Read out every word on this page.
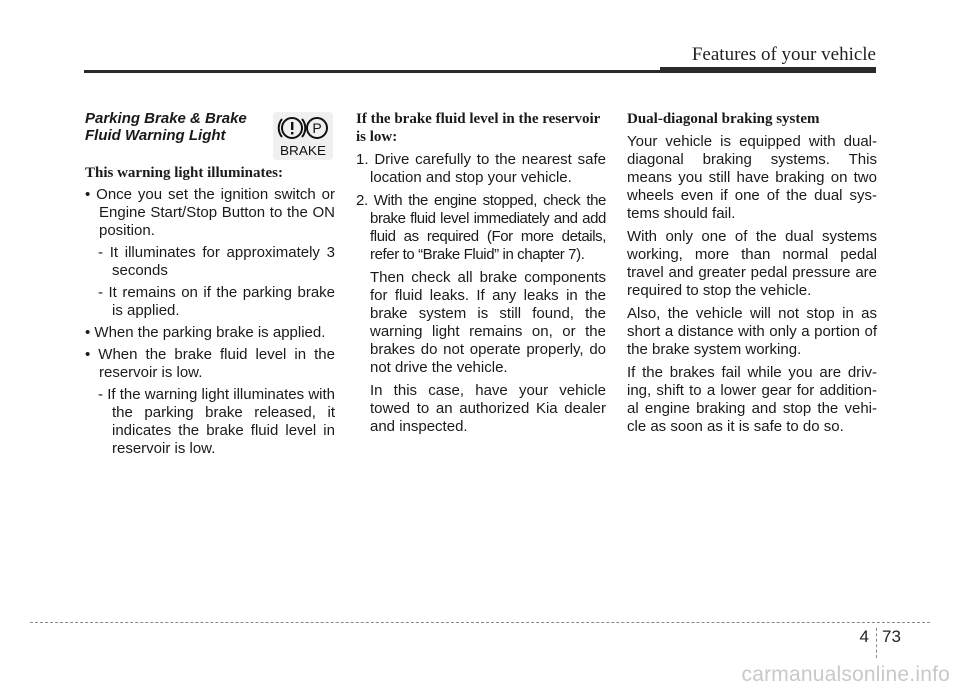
Features of your vehicle
Parking Brake & Brake Fluid Warning Light	P
BRAKE

This warning light illuminates:

• Once you set the ignition switch or Engine Start/Stop Button to the ON position.

- It illuminates for approximately 3 seconds

- It remains on if the parking brake is applied.

• When the parking brake is applied.

• When the brake fluid level in the reservoir is low.

- If the warning light illuminates with the parking brake released, it indicates the brake fluid level in reservoir is low.

If the brake fluid level in the reservoir is low:

1. Drive carefully to the nearest safe location and stop your vehicle.

2. With the engine stopped, check the brake fluid level immediately and add fluid as required (For more details, refer to “Brake Fluid” in chapter 7).

Then check all brake components for fluid leaks. If any leaks in the brake system is still found, the warning light remains on, or the brakes do not operate properly, do not drive the vehicle.

In this case, have your vehicle towed to an authorized Kia dealer and inspected.

Dual-diagonal braking system

Your vehicle is equipped with dual-diagonal braking systems. This means you still have braking on two wheels even if one of the dual sys-tems should fail.

With only one of the dual systems working, more than normal pedal travel and greater pedal pressure are required to stop the vehicle.

Also, the vehicle will not stop in as short a distance with only a portion of the brake system working.

If the brakes fail while you are driv-ing, shift to a lower gear for addition-al engine braking and stop the vehi-cle as soon as it is safe to do so.

4 73
carmanualsonline.info
